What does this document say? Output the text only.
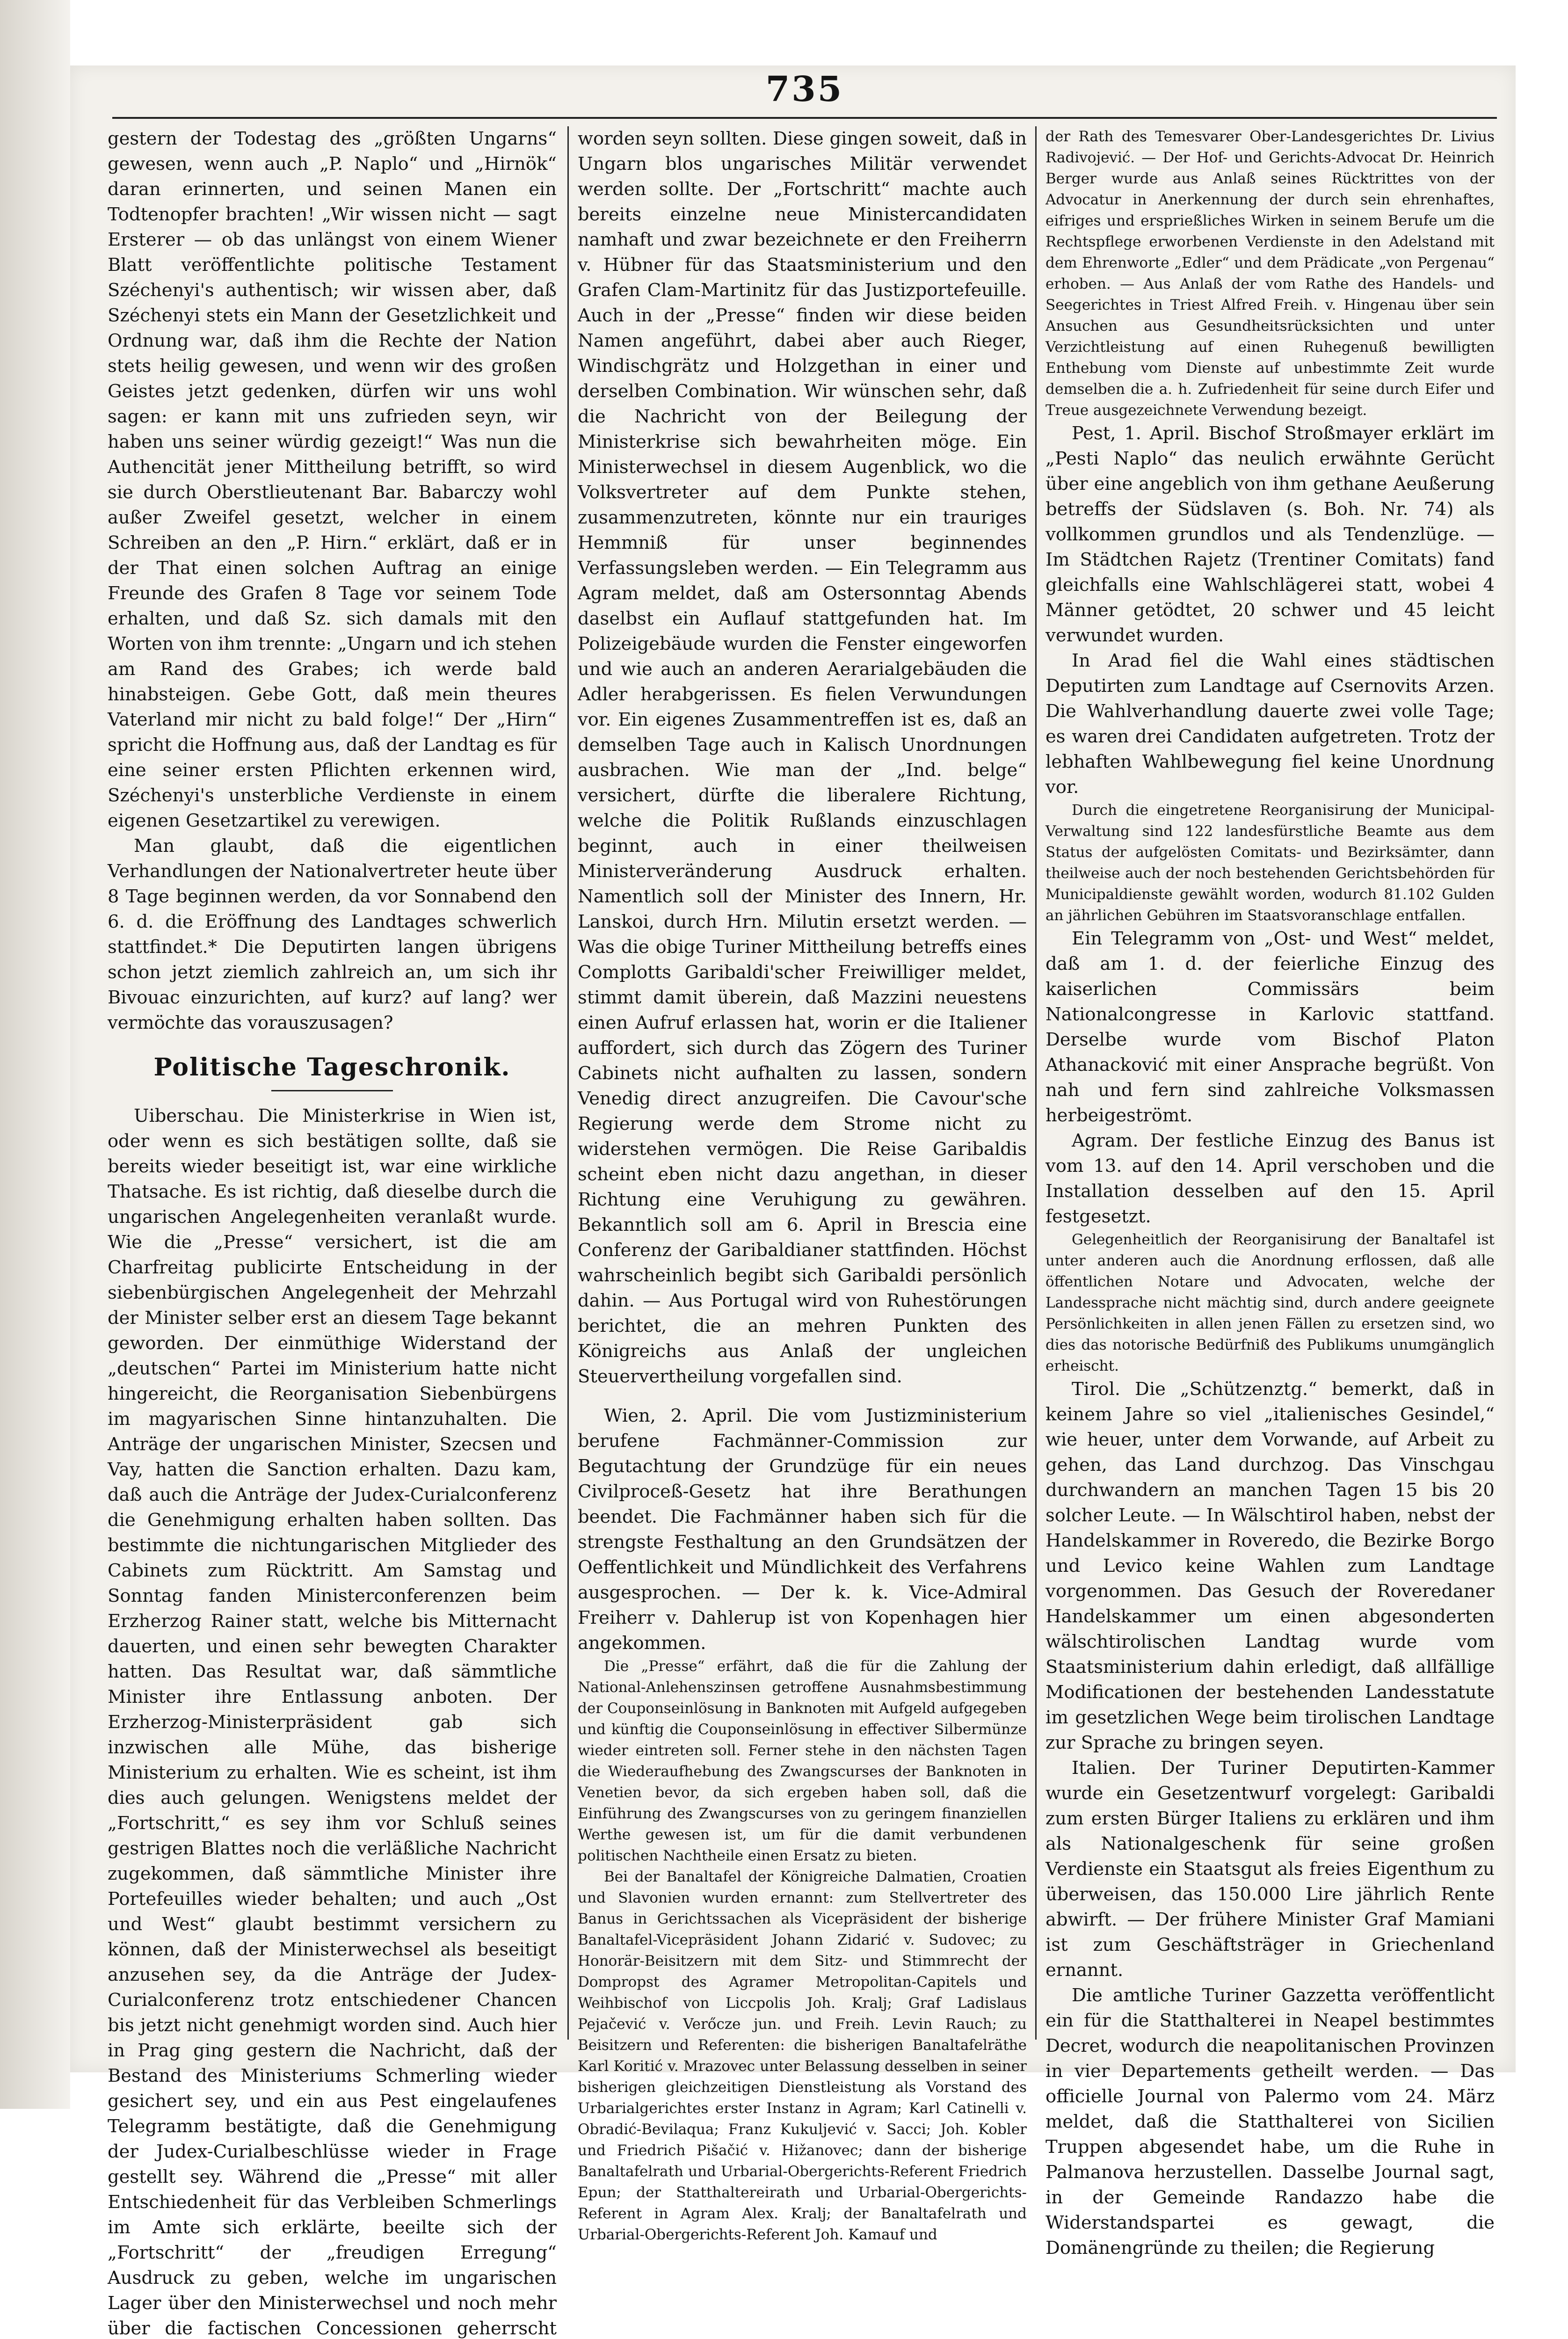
735

gestern der Todestag des „größten Ungarns“ gewesen, wenn auch „P. Naplo“ und „Hirnök“ daran erinnerten, und seinen Manen ein Todtenopfer brachten! „Wir wissen nicht — sagt Ersterer — ob das unlängst von einem Wiener Blatt veröffentlichte politische Testament Széchenyi's authentisch; wir wissen aber, daß Széchenyi stets ein Mann der Gesetzlichkeit und Ordnung war, daß ihm die Rechte der Nation stets heilig gewesen, und wenn wir des großen Geistes jetzt gedenken, dürfen wir uns wohl sagen: er kann mit uns zufrieden seyn, wir haben uns seiner würdig gezeigt!“ Was nun die Authencität jener Mittheilung betrifft, so wird sie durch Oberstlieutenant Bar. Babarczy wohl außer Zweifel gesetzt, welcher in einem Schreiben an den „P. Hirn.“ erklärt, daß er in der That einen solchen Auftrag an einige Freunde des Grafen 8 Tage vor seinem Tode erhalten, und daß Sz. sich damals mit den Worten von ihm trennte: „Ungarn und ich stehen am Rand des Grabes; ich werde bald hinabsteigen. Gebe Gott, daß mein theures Vaterland mir nicht zu bald folge!“ Der „Hirn“ spricht die Hoffnung aus, daß der Landtag es für eine seiner ersten Pflichten erkennen wird, Széchenyi's unsterbliche Verdienste in einem eigenen Gesetzartikel zu verewigen.

Man glaubt, daß die eigentlichen Verhandlungen der Nationalvertreter heute über 8 Tage beginnen werden, da vor Sonnabend den 6. d. die Eröffnung des Landtages schwerlich stattfindet.* Die Deputirten langen übrigens schon jetzt ziemlich zahlreich an, um sich ihr Bivouac einzurichten, auf kurz? auf lang? wer vermöchte das vorauszusagen?

Politische Tageschronik.

Uiberschau. Die Ministerkrise in Wien ist, oder wenn es sich bestätigen sollte, daß sie bereits wieder beseitigt ist, war eine wirkliche Thatsache. Es ist richtig, daß dieselbe durch die ungarischen Angelegenheiten veranlaßt wurde. Wie die „Presse“ versichert, ist die am Charfreitag publicirte Entscheidung in der siebenbürgischen Angelegenheit der Mehrzahl der Minister selber erst an diesem Tage bekannt geworden. Der einmüthige Widerstand der „deutschen“ Partei im Ministerium hatte nicht hingereicht, die Reorganisation Siebenbürgens im magyarischen Sinne hintanzuhalten. Die Anträge der ungarischen Minister, Szecsen und Vay, hatten die Sanction erhalten. Dazu kam, daß auch die Anträge der Judex-Curialconferenz die Genehmigung erhalten haben sollten. Das bestimmte die nichtungarischen Mitglieder des Cabinets zum Rücktritt. Am Samstag und Sonntag fanden Ministerconferenzen beim Erzherzog Rainer statt, welche bis Mitternacht dauerten, und einen sehr bewegten Charakter hatten. Das Resultat war, daß sämmtliche Minister ihre Entlassung anboten. Der Erzherzog-Ministerpräsident gab sich inzwischen alle Mühe, das bisherige Ministerium zu erhalten. Wie es scheint, ist ihm dies auch gelungen. Wenigstens meldet der „Fortschritt,“ es sey ihm vor Schluß seines gestrigen Blattes noch die verläßliche Nachricht zugekommen, daß sämmtliche Minister ihre Portefeuilles wieder behalten; und auch „Ost und West“ glaubt bestimmt versichern zu können, daß der Ministerwechsel als beseitigt anzusehen sey, da die Anträge der Judex-Curialconferenz trotz entschiedener Chancen bis jetzt nicht genehmigt worden sind. Auch hier in Prag ging gestern die Nachricht, daß der Bestand des Ministeriums Schmerling wieder gesichert sey, und ein aus Pest eingelaufenes Telegramm bestätigte, daß die Genehmigung der Judex-Curialbeschlüsse wieder in Frage gestellt sey. Während die „Presse“ mit aller Entschiedenheit für das Verbleiben Schmerlings im Amte sich erklärte, beeilte sich der „Fortschritt“ der „freudigen Erregung“ Ausdruck zu geben, welche im ungarischen Lager über den Ministerwechsel und noch mehr über die factischen Concessionen geherrscht

worden seyn sollten. Diese gingen soweit, daß in Ungarn blos ungarisches Militär verwendet werden sollte. Der „Fortschritt“ machte auch bereits einzelne neue Ministercandidaten namhaft und zwar bezeichnete er den Freiherrn v. Hübner für das Staatsministerium und den Grafen Clam-Martinitz für das Justizportefeuille. Auch in der „Presse“ finden wir diese beiden Namen angeführt, dabei aber auch Rieger, Windischgrätz und Holzgethan in einer und derselben Combination. Wir wünschen sehr, daß die Nachricht von der Beilegung der Ministerkrise sich bewahrheiten möge. Ein Ministerwechsel in diesem Augenblick, wo die Volksvertreter auf dem Punkte stehen, zusammenzutreten, könnte nur ein trauriges Hemmniß für unser beginnendes Verfassungsleben werden. — Ein Telegramm aus Agram meldet, daß am Ostersonntag Abends daselbst ein Auflauf stattgefunden hat. Im Polizeigebäude wurden die Fenster eingeworfen und wie auch an anderen Aerarialgebäuden die Adler herabgerissen. Es fielen Verwundungen vor. Ein eigenes Zusammentreffen ist es, daß an demselben Tage auch in Kalisch Unordnungen ausbrachen. Wie man der „Ind. belge“ versichert, dürfte die liberalere Richtung, welche die Politik Rußlands einzuschlagen beginnt, auch in einer theilweisen Ministerveränderung Ausdruck erhalten. Namentlich soll der Minister des Innern, Hr. Lanskoi, durch Hrn. Milutin ersetzt werden. — Was die obige Turiner Mittheilung betreffs eines Complotts Garibaldi'scher Freiwilliger meldet, stimmt damit überein, daß Mazzini neuestens einen Aufruf erlassen hat, worin er die Italiener auffordert, sich durch das Zögern des Turiner Cabinets nicht aufhalten zu lassen, sondern Venedig direct anzugreifen. Die Cavour'sche Regierung werde dem Strome nicht zu widerstehen vermögen. Die Reise Garibaldis scheint eben nicht dazu angethan, in dieser Richtung eine Veruhigung zu gewähren. Bekanntlich soll am 6. April in Brescia eine Conferenz der Garibaldianer stattfinden. Höchst wahrscheinlich begibt sich Garibaldi persönlich dahin. — Aus Portugal wird von Ruhestörungen berichtet, die an mehren Punkten des Königreichs aus Anlaß der ungleichen Steuervertheilung vorgefallen sind.

Wien, 2. April. Die vom Justizministerium berufene Fachmänner-Commission zur Begutachtung der Grundzüge für ein neues Civilproceß-Gesetz hat ihre Berathungen beendet. Die Fachmänner haben sich für die strengste Festhaltung an den Grundsätzen der Oeffentlichkeit und Mündlichkeit des Verfahrens ausgesprochen. — Der k. k. Vice-Admiral Freiherr v. Dahlerup ist von Kopenhagen hier angekommen.

Die „Presse“ erfährt, daß die für die Zahlung der National-Anlehenszinsen getroffene Ausnahmsbestimmung der Couponseinlösung in Banknoten mit Aufgeld aufgegeben und künftig die Couponseinlösung in effectiver Silbermünze wieder eintreten soll. Ferner stehe in den nächsten Tagen die Wiederaufhebung des Zwangscurses der Banknoten in Venetien bevor, da sich ergeben haben soll, daß die Einführung des Zwangscurses von zu geringem finanziellen Werthe gewesen ist, um für die damit verbundenen politischen Nachtheile einen Ersatz zu bieten.

Bei der Banaltafel der Königreiche Dalmatien, Croatien und Slavonien wurden ernannt: zum Stellvertreter des Banus in Gerichtssachen als Vicepräsident der bisherige Banaltafel-Vicepräsident Johann Zidarić v. Sudovec; zu Honorär-Beisitzern mit dem Sitz- und Stimmrecht der Dompropst des Agramer Metropolitan-Capitels und Weihbischof von Liccpolis Joh. Kralj; Graf Ladislaus Pejačević v. Verőcze jun. und Freih. Levin Rauch; zu Beisitzern und Referenten: die bisherigen Banaltafelräthe Karl Koritić v. Mrazovec unter Belassung desselben in seiner bisherigen gleichzeitigen Dienstleistung als Vorstand des Urbarialgerichtes erster Instanz in Agram; Karl Catinelli v. Obradić-Bevilaqua; Franz Kukuljević v. Sacci; Joh. Kobler und Friedrich Pišačić v. Hižanovec; dann der bisherige Banaltafelrath und Urbarial-Obergerichts-Referent Friedrich Epun; der Statthaltereirath und Urbarial-Obergerichts-Referent in Agram Alex. Kralj; der Banaltafelrath und Urbarial-Obergerichts-Referent Joh. Kamauf und

der Rath des Temesvarer Ober-Landesgerichtes Dr. Livius Radivojević. — Der Hof- und Gerichts-Advocat Dr. Heinrich Berger wurde aus Anlaß seines Rücktrittes von der Advocatur in Anerkennung der durch sein ehrenhaftes, eifriges und ersprießliches Wirken in seinem Berufe um die Rechtspflege erworbenen Verdienste in den Adelstand mit dem Ehrenworte „Edler“ und dem Prädicate „von Pergenau“ erhoben. — Aus Anlaß der vom Rathe des Handels- und Seegerichtes in Triest Alfred Freih. v. Hingenau über sein Ansuchen aus Gesundheitsrücksichten und unter Verzichtleistung auf einen Ruhegenuß bewilligten Enthebung vom Dienste auf unbestimmte Zeit wurde demselben die a. h. Zufriedenheit für seine durch Eifer und Treue ausgezeichnete Verwendung bezeigt.

Pest, 1. April. Bischof Stroßmayer erklärt im „Pesti Naplo“ das neulich erwähnte Gerücht über eine angeblich von ihm gethane Aeußerung betreffs der Südslaven (s. Boh. Nr. 74) als vollkommen grundlos und als Tendenzlüge. — Im Städtchen Rajetz (Trentiner Comitats) fand gleichfalls eine Wahlschlägerei statt, wobei 4 Männer getödtet, 20 schwer und 45 leicht verwundet wurden.

In Arad fiel die Wahl eines städtischen Deputirten zum Landtage auf Csernovits Arzen. Die Wahlverhandlung dauerte zwei volle Tage; es waren drei Candidaten aufgetreten. Trotz der lebhaften Wahlbewegung fiel keine Unordnung vor.

Durch die eingetretene Reorganisirung der Municipal-Verwaltung sind 122 landesfürstliche Beamte aus dem Status der aufgelösten Comitats- und Bezirksämter, dann theilweise auch der noch bestehenden Gerichtsbehörden für Municipaldienste gewählt worden, wodurch 81.102 Gulden an jährlichen Gebühren im Staatsvoranschlage entfallen.

Ein Telegramm von „Ost- und West“ meldet, daß am 1. d. der feierliche Einzug des kaiserlichen Commissärs beim Nationalcongresse in Karlovic stattfand. Derselbe wurde vom Bischof Platon Athanacković mit einer Ansprache begrüßt. Von nah und fern sind zahlreiche Volksmassen herbeigeströmt.

Agram. Der festliche Einzug des Banus ist vom 13. auf den 14. April verschoben und die Installation desselben auf den 15. April festgesetzt.

Gelegenheitlich der Reorganisirung der Banaltafel ist unter anderen auch die Anordnung erflossen, daß alle öffentlichen Notare und Advocaten, welche der Landessprache nicht mächtig sind, durch andere geeignete Persönlichkeiten in allen jenen Fällen zu ersetzen sind, wo dies das notorische Bedürfniß des Publikums unumgänglich erheischt.

Tirol. Die „Schützenztg.“ bemerkt, daß in keinem Jahre so viel „italienisches Gesindel,“ wie heuer, unter dem Vorwande, auf Arbeit zu gehen, das Land durchzog. Das Vinschgau durchwandern an manchen Tagen 15 bis 20 solcher Leute. — In Wälschtirol haben, nebst der Handelskammer in Roveredo, die Bezirke Borgo und Levico keine Wahlen zum Landtage vorgenommen. Das Gesuch der Roveredaner Handelskammer um einen abgesonderten wälschtirolischen Landtag wurde vom Staatsministerium dahin erledigt, daß allfällige Modificationen der bestehenden Landesstatute im gesetzlichen Wege beim tirolischen Landtage zur Sprache zu bringen seyen.

Italien. Der Turiner Deputirten-Kammer wurde ein Gesetzentwurf vorgelegt: Garibaldi zum ersten Bürger Italiens zu erklären und ihm als Nationalgeschenk für seine großen Verdienste ein Staatsgut als freies Eigenthum zu überweisen, das 150.000 Lire jährlich Rente abwirft. — Der frühere Minister Graf Mamiani ist zum Geschäftsträger in Griechenland ernannt.

Die amtliche Turiner Gazzetta veröffentlicht ein für die Statthalterei in Neapel bestimmtes Decret, wodurch die neapolitanischen Provinzen in vier Departements getheilt werden. — Das officielle Journal von Palermo vom 24. März meldet, daß die Statthalterei von Sicilien Truppen abgesendet habe, um die Ruhe in Palmanova herzustellen. Dasselbe Journal sagt, in der Gemeinde Randazzo habe die Widerstandspartei es gewagt, die Domänengründe zu theilen; die Regierung
